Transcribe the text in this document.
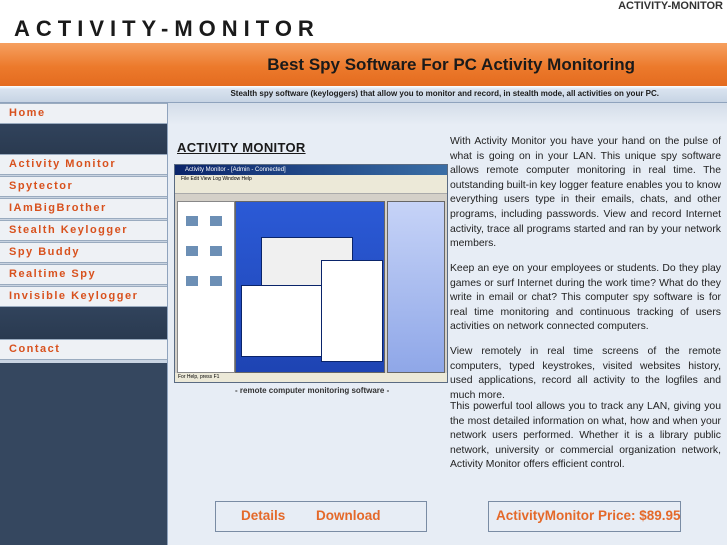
ACTIVITY-MONITOR
ACTIVITY-MONITOR
Best Spy Software For PC Activity Monitoring
Stealth spy software (keyloggers) that allow you to monitor and record, in stealth mode, all activities on your PC.
Home
Activity Monitor
Spytector
IAmBigBrother
Stealth Keylogger
Spy Buddy
Realtime Spy
Invisible Keylogger
Contact
ACTIVITY MONITOR
Activity Monitor - [Admin - Connected]
File Edit View Log Window Help
For Help, press F1
- remote computer monitoring software -

With Activity Monitor you have your hand on the pulse of what is going on in your LAN. This unique spy software allows remote computer monitoring in real time. The outstanding built-in key logger feature enables you to know everything users type in their emails, chats, and other programs, including passwords. View and record Internet activity, trace all programs started and ran by your network members.

Keep an eye on your employees or students. Do they play games or surf Internet during the work time? What do they write in email or chat? This computer spy software is for real time monitoring and continuous tracking of users activities on network connected computers.

View remotely in real time screens of the remote computers, typed keystrokes, visited websites history, used applications, record all activity to the logfiles and much more.

This powerful tool allows you to track any LAN, giving you the most detailed information on what, how and when your network users performed. Whether it is a library public network, university or commercial organization network, Activity Monitor offers efficient control.

Details Download	ActivityMonitor Price: $89.95
